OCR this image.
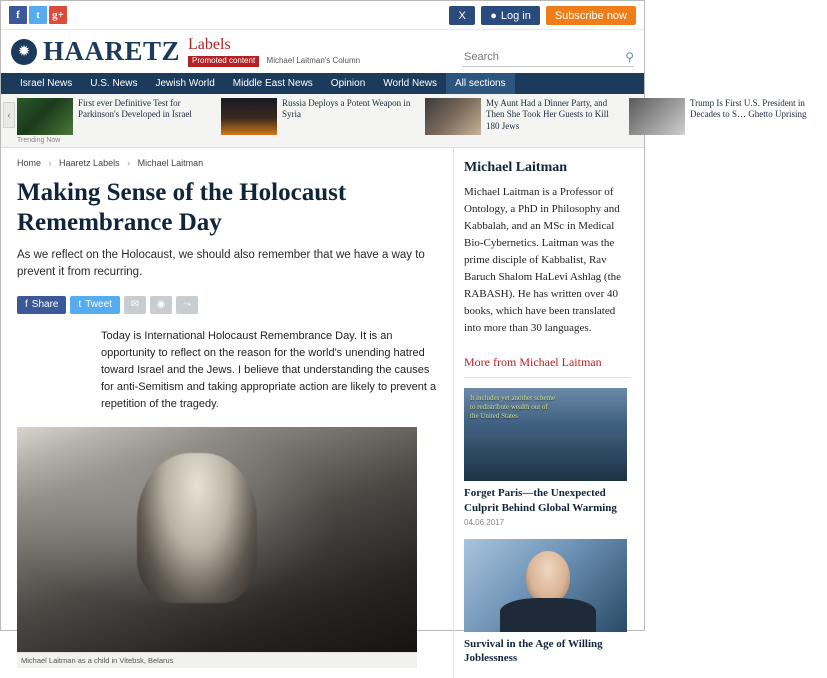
f	t	g+	X	● Log in	Subscribe now
✹ HAARETZ Labels
Promoted content Michael Laitman's Column
Search	⚲
Israel News	U.S. News	Jewish World	Middle East News	Opinion	World News	All sections
‹
First ever Definitive Test for Parkinson's Developed in Israel
Russia Deploys a Potent Weapon in Syria
My Aunt Had a Dinner Party, and Then She Took Her Guests to Kill 180 Jews
Trump Is First U.S. President in Decades to S… Ghetto Uprising
Trending Now
Home › Haaretz Labels › Michael Laitman
Making Sense of the Holocaust Remembrance Day
As we reflect on the Holocaust, we should also remember that we have a way to prevent it from recurring.
f Share t Tweet	✉	◉	⤳

Today is International Holocaust Remembrance Day. It is an opportunity to reflect on the reason for the world's unending hatred toward Israel and the Jews. I believe that understanding the causes for anti-Semitism and taking appropriate action are likely to prevent a repetition of the tragedy.

Michael Laitman as a child in Vitebsk, Belarus
Michael Laitman
Michael Laitman is a Professor of Ontology, a PhD in Philosophy and Kabbalah, and an MSc in Medical Bio-Cybernetics. Laitman was the prime disciple of Kabbalist, Rav Baruch Shalom HaLevi Ashlag (the RABASH). He has written over 40 books, which have been translated into more than 30 languages.
More from Michael Laitman
It includes yet another scheme to redistribute wealth out of the United States
Forget Paris—the Unexpected Culprit Behind Global Warming
04.06.2017
Survival in the Age of Willing Joblessness
